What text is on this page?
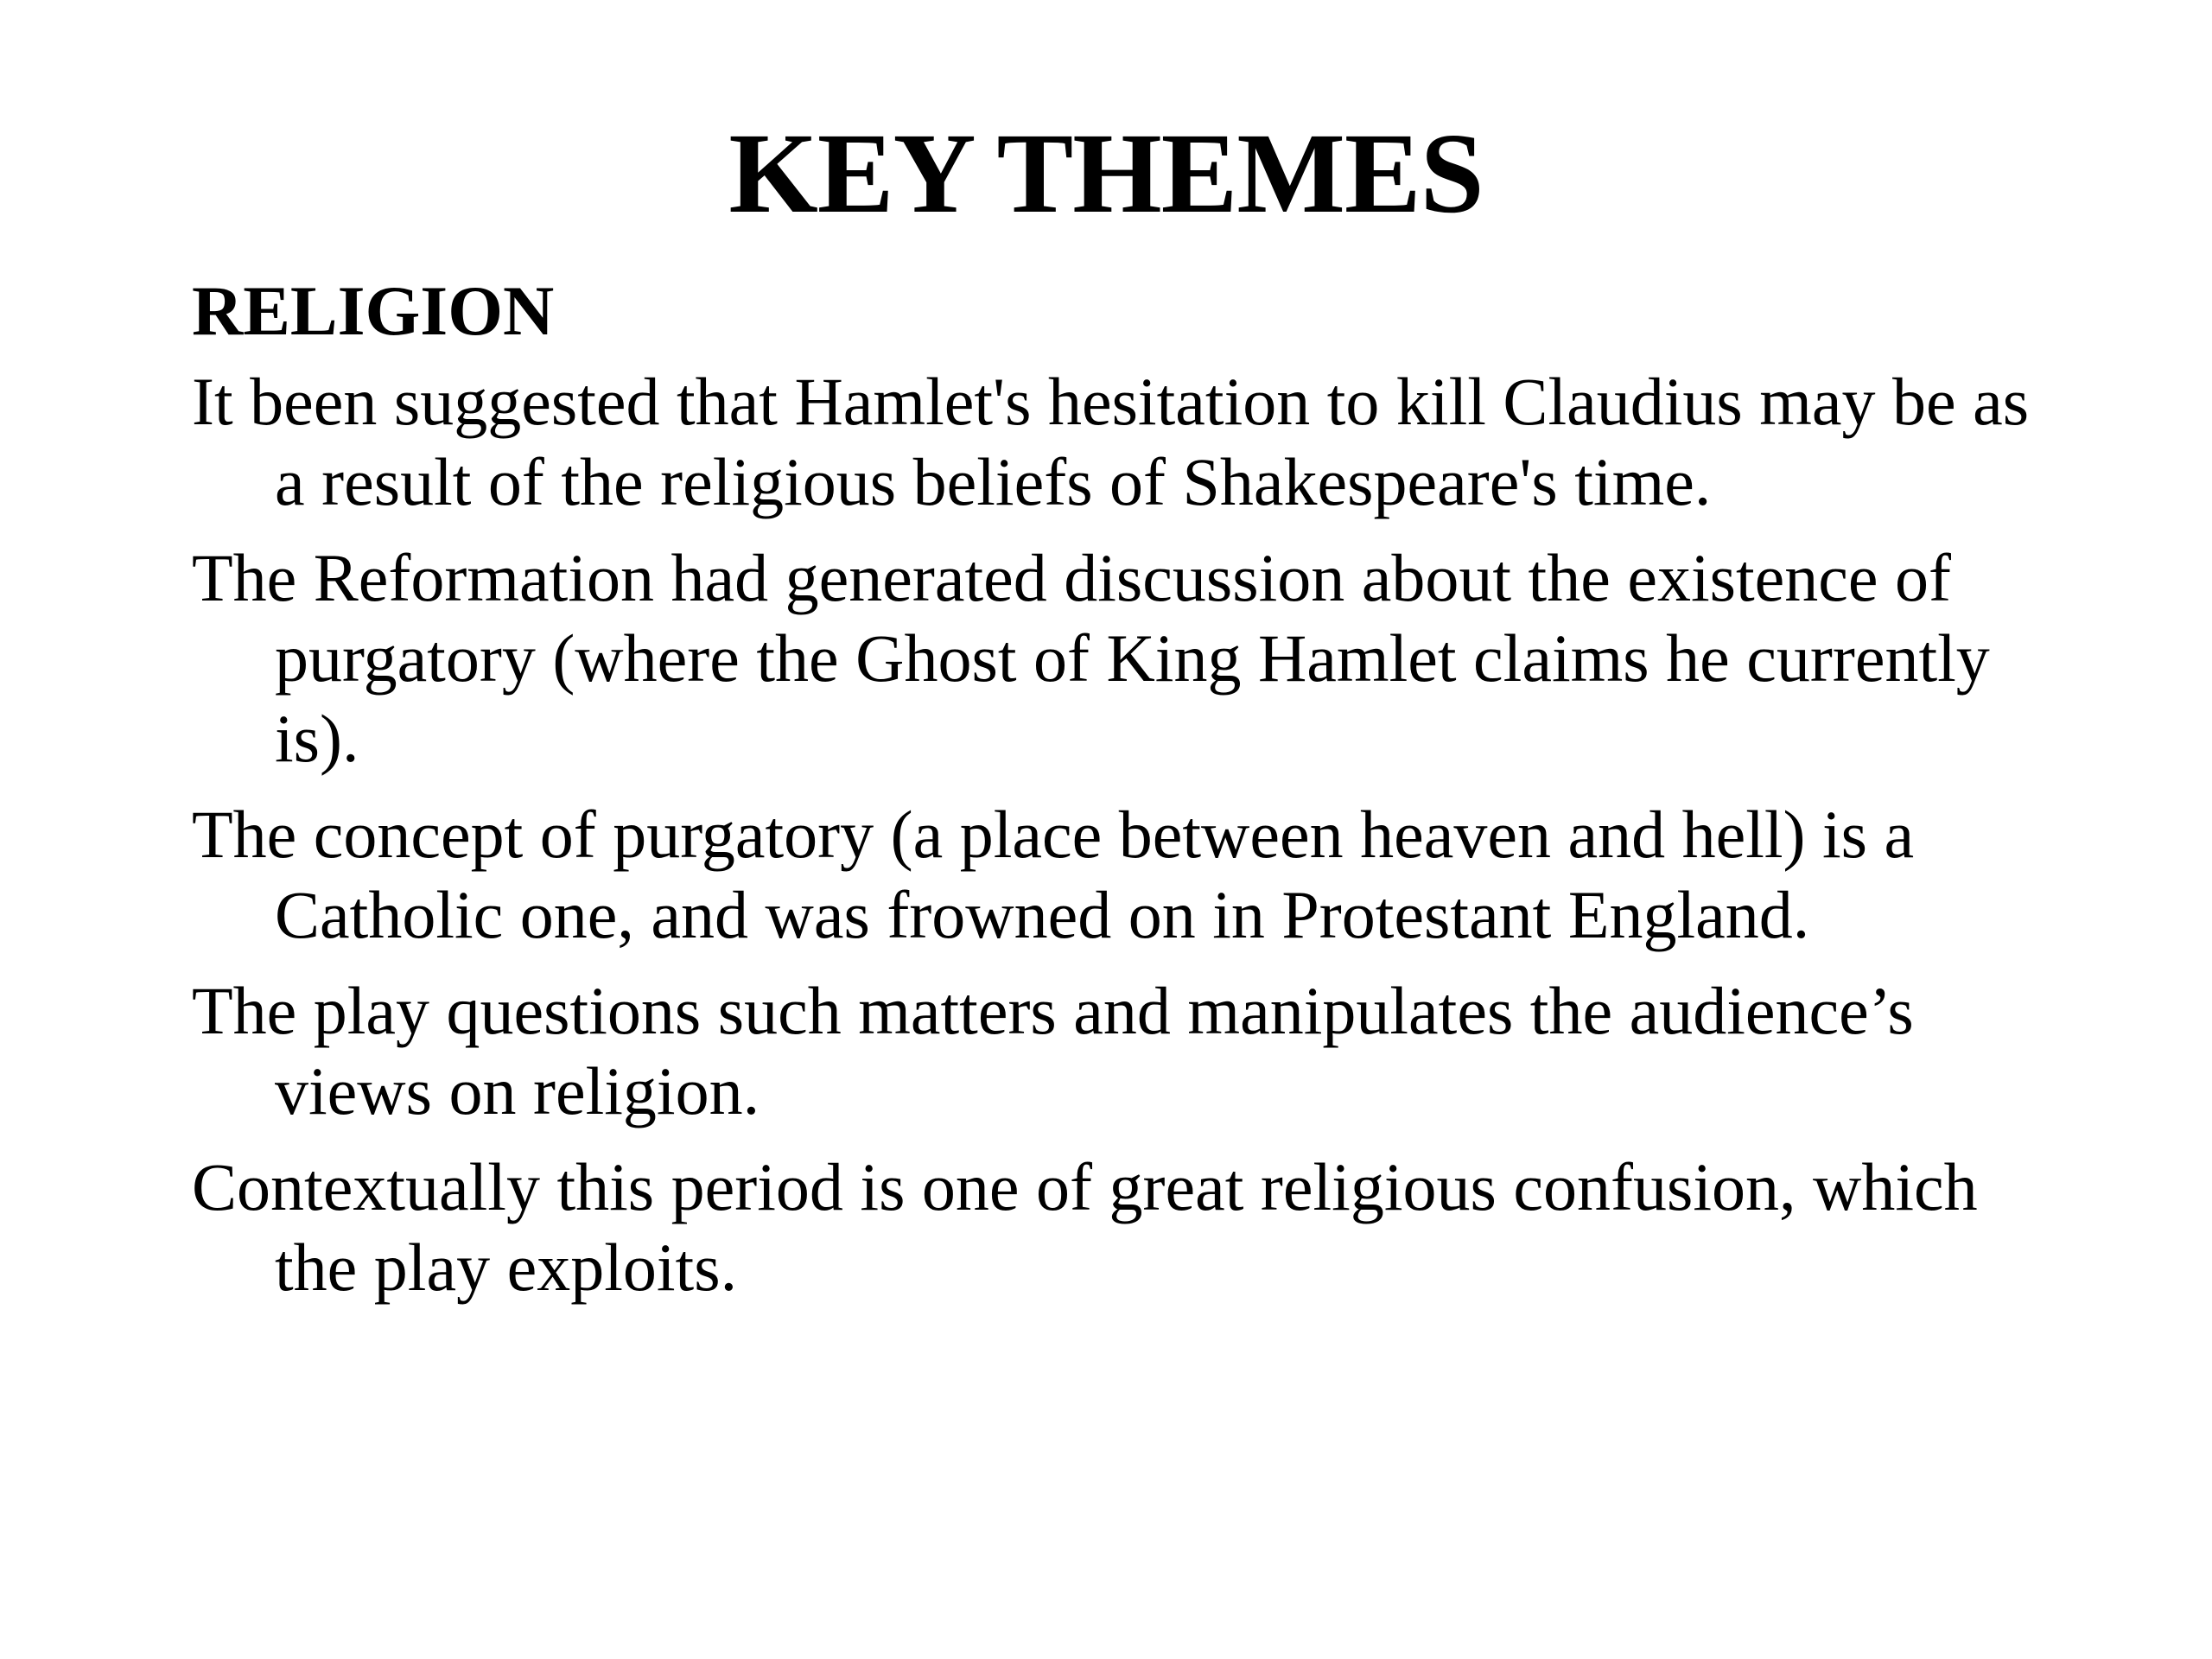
KEY THEMES
RELIGION
It been suggested that Hamlet's hesitation to kill Claudius may be as a result of the religious beliefs of Shakespeare's time.
The Reformation had generated discussion about the existence of purgatory (where the Ghost of King Hamlet claims he currently is).
The concept of purgatory (a place between heaven and hell) is a Catholic one, and was frowned on in Protestant England.
The play questions such matters and manipulates the audience’s views on religion.
Contextually this period is one of great religious confusion, which the play exploits.
